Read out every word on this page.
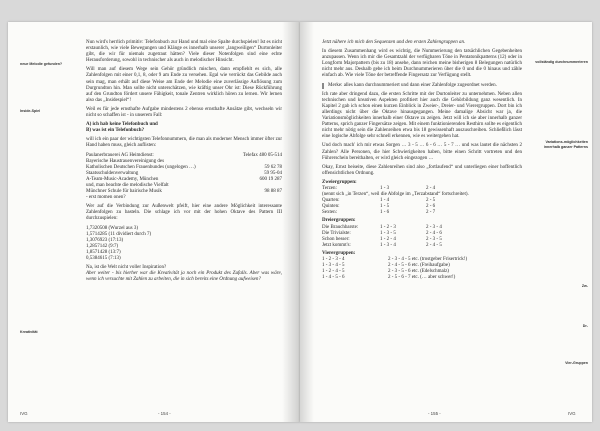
neue Melodie gefunden?
Inside-Spiel
Kreativität

Nun wird's herrlich primitiv: Telefonbuch zur Hand und mal eine Spalte durchspielen! Ist es nicht erstaunlich, wie viele Bewegungen und Klänge es innerhalb unserer „langweiligen“ Durtonleiter gibt, die wir für niemals zugetraut hätten? Viele dieser Notenfolgen sind eine echte Herausforderung, sowohl in technischer als auch in melodischer Hinsicht.

Will man auf diesem Wege sein Gehör gründlich mischen, dann empfiehlt es sich, alle Zahlenfolgen mit einer 0,1, 8, oder 9 am Ende zu versehen. Egal wie verrückt das Gebilde auch sein mag, man erhält auf diese Weise am Ende der Melodie eine zuverlässige Auflösung zum Durgrundton hin. Man sollte nicht unterschätzen, wie kräftig unser Ohr ist: Diese Rückführung auf den Grundton fördert unsere Fähigkeit, tonale Zentren wirklich hören zu lernen. Wir lernen also das „Insidespiel“!

Weil es für jede ernsthafte Aufgabe mindestens 2 ebenso ernsthafte Ansätze gibt, wechseln wir nicht so schaffen ist - in unserem Fall:

A) ich hab keine Telefonbuch und
B) was ist ein Telefonbuch?

will ich ein paar der wichtigsten Telefonnummern, die man als moderner Mensch immer öfter zur Hand haben muss, gleich auflisten:

Paulanerbrauerei AG Heimdienst:	Telefax 480 05-514
Bayerische Haustrauenvereinigung des
Katholischen Deutschen Frauenbundes (ungelogen …)	59 62 78
Staatsschuldenverwaltung	59 95-04
A-Team-Music-Academy, München	600 19 287
und, man beachte die melodische Vielfalt
Münchner Schule für bairische Musik	98 88 87
- erst momen onen?

Wer auf die Verbindung zur Außenwelt pfeift, hier eine andere Möglichkeit interessante Zahlenfolgen zu basteln. Die schlage ich vor mit der hohen Oktave des Pattern III durchzuspielen:

1,7320508 (Wurzel aus 3)
1,5714285 (11 dividiert durch 7)
1,3076923 (17:13)
1,2857142 (9:7)
1,8571428 (13:7)
0,5384615 (7:13)
Na, ist die Welt nicht voller Inspiration?

Aber weiter - bis hierher war die Kreativität ja noch ein Produkt des Zufalls. Aber was wäre, wenn ich versuchte mit Zahlen zu arbeiten, die in sich bereits eine Ordnung aufweisen?

IVG	- 154 -
vollständig durchnummerieren
Variations-möglichkeiten innerhalb ganzer Patterns
Zw-
Dr-
Vier-Gruppen

Jetzt nähere ich mich den Sequenzen und den ersten Zahlengruppen an.

In diesem Zusammenhang wird es wichtig, die Nummerierung den tatsächlichen Gegebenheiten anzupassen. Wenn ich mir die Gesamtzahl der verfügbaren Töne in Pentatonikpatterns (12) oder in Longform Majorpattern (bis zu 18) ansehe, dann reichen meine bisherigen 8 Belegungen natürlich nicht mehr aus. Deshalb gebe ich beim Durchnummerieren über die 0 und die 0 hinaus und zähle einfach ab. Wie viele Töne der betreffende Fingersatz zur Verfügung stellt.

Merke: alles kann durchnummeriert und dann einer Zahlenfolge zugeordnet werden.

Ich rate aber dringend dazu, die ersten Schritte mit der Durtonleiter zu unternehmen. Neben allen technischen und kreativen Aspekten profitiert hier auch die Gehörbildung ganz wesentlich. In Kapitel 2 gab ich schon einen kurzen Einblick in Zweier-, Dreier- und Vierergruppen. Dort bin ich allerdings nicht über die Oktave hinausgegangen. Meine damalige Absicht war ja, die Variationsmöglichkeiten innerhalb einer Oktave zu zeigen. Jetzt will ich sie aber innerhalb ganzer Patterns, sprich ganzer Fingersätze zeigen. Mit einem funktionierenden Resthirn sollte es eigentlich nicht mehr nötig sein die Zahlenreihen etwa bis 18 gewissenhaft auszuschreiben. Schließlich lässt eine logische Abfolge sehr schnell erkennen, wie es weitergehen hat.

Und doch mach' ich mir etwas Sorgen … 3 - 5 … 6 - 6 … 5 - 7 … und was lautet die nächsten 2 Zahlen? Alle Personen, die hier Schwierigkeiten haben, bitte einen Schritt vortreten und den Führerschein bereithalten, er wird gleich eingezogen …

Okay, Ernst beiseite, diese Zahlenreihen sind also „fortlaufend“ und unterliegen einer hoffentlich offensichtlichen Ordnung.

Zweiergruppen:
Terzen:	1 - 3	2 - 4
(nennt sich „in Terzen“, weil die Abfolge im „Terzabstand“ fortschreitet).
Quarten:	1 - 4	2 - 5
Quinten:	1 - 5	2 - 6
Sexten:	1 - 6	2 - 7
Dreiergruppen:
Die Brauchbarste:	1 - 2 - 3	2 - 3 - 4
Die Trivialste:	1 - 3 - 5	2 - 4 - 6
Schon besser:	1 - 2 - 4	2 - 3 - 5
Jetzt kommt's:	1 - 3 - 4	2 - 4 - 5
Vierergruppen:
1 - 2 - 3 - 4	2 - 3 - 4 - 5 etc. (trostgeber Frisertrick!)
1 - 3 - 4 - 5	2 - 4 - 5 - 6 etc. (Freihaufgabe)
1 - 2 - 4 - 5	2 - 3 - 5 - 6 etc. (Edelschmalz)
1 - 4 - 5 - 6	2 - 5 - 6 - 7 etc. (… aber schwer!)
- 155 -	IVG
